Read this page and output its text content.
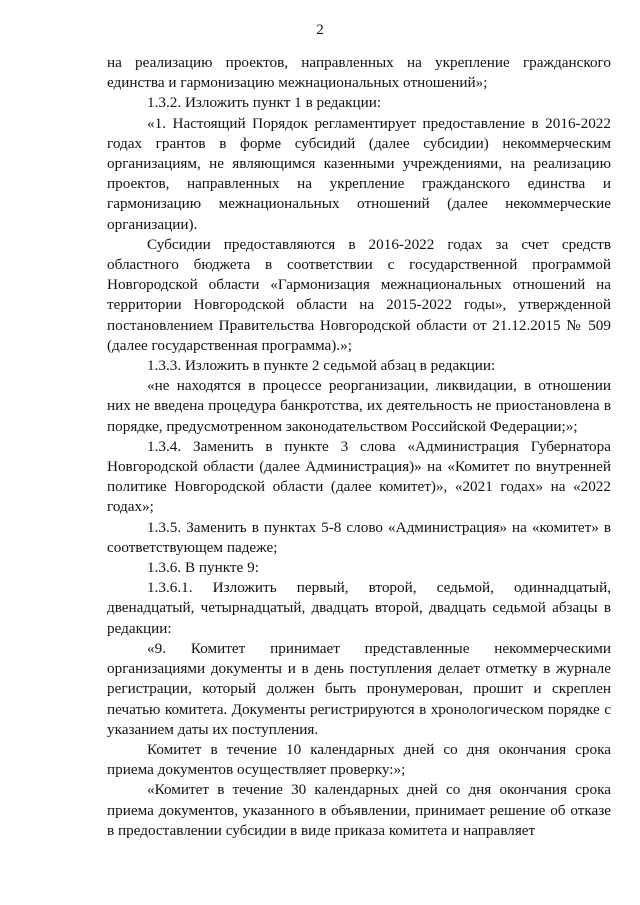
2

на реализацию проектов, направленных на укрепление гражданского единства и гармонизацию межнациональных отношений»;

1.3.2. Изложить пункт 1 в редакции:

«1. Настоящий Порядок регламентирует предоставление в 2016-2022 годах грантов в форме субсидий (далее субсидии) некоммерческим организациям, не являющимся казенными учреждениями, на реализацию проектов, направленных на укрепление гражданского единства и гармонизацию межнациональных отношений (далее некоммерческие организации).

Субсидии предоставляются в 2016-2022 годах за счет средств областного бюджета в соответствии с государственной программой Новгородской области «Гармонизация межнациональных отношений на территории Новгородской области на 2015-2022 годы», утвержденной постановлением Правительства Новгородской области от 21.12.2015 № 509 (далее государственная программа).»;

1.3.3. Изложить в пункте 2 седьмой абзац в редакции:

«не находятся в процессе реорганизации, ликвидации, в отношении них не введена процедура банкротства, их деятельность не приостановлена в порядке, предусмотренном законодательством Российской Федерации;»;

1.3.4. Заменить в пункте 3 слова «Администрация Губернатора Новгородской области (далее Администрация)» на «Комитет по внутренней политике Новгородской области (далее комитет)», «2021 годах» на «2022 годах»;

1.3.5. Заменить в пунктах 5-8 слово «Администрация» на «комитет» в соответствующем падеже;

1.3.6. В пункте 9:

1.3.6.1. Изложить первый, второй, седьмой, одиннадцатый, двенадцатый, четырнадцатый, двадцать второй, двадцать седьмой абзацы в редакции:

«9. Комитет принимает представленные некоммерческими организациями документы и в день поступления делает отметку в журнале регистрации, который должен быть пронумерован, прошит и скреплен печатью комитета. Документы регистрируются в хронологическом порядке с указанием даты их поступления.

Комитет в течение 10 календарных дней со дня окончания срока приема документов осуществляет проверку:»;

«Комитет в течение 30 календарных дней со дня окончания срока приема документов, указанного в объявлении, принимает решение об отказе в предоставлении субсидии в виде приказа комитета и направляет
